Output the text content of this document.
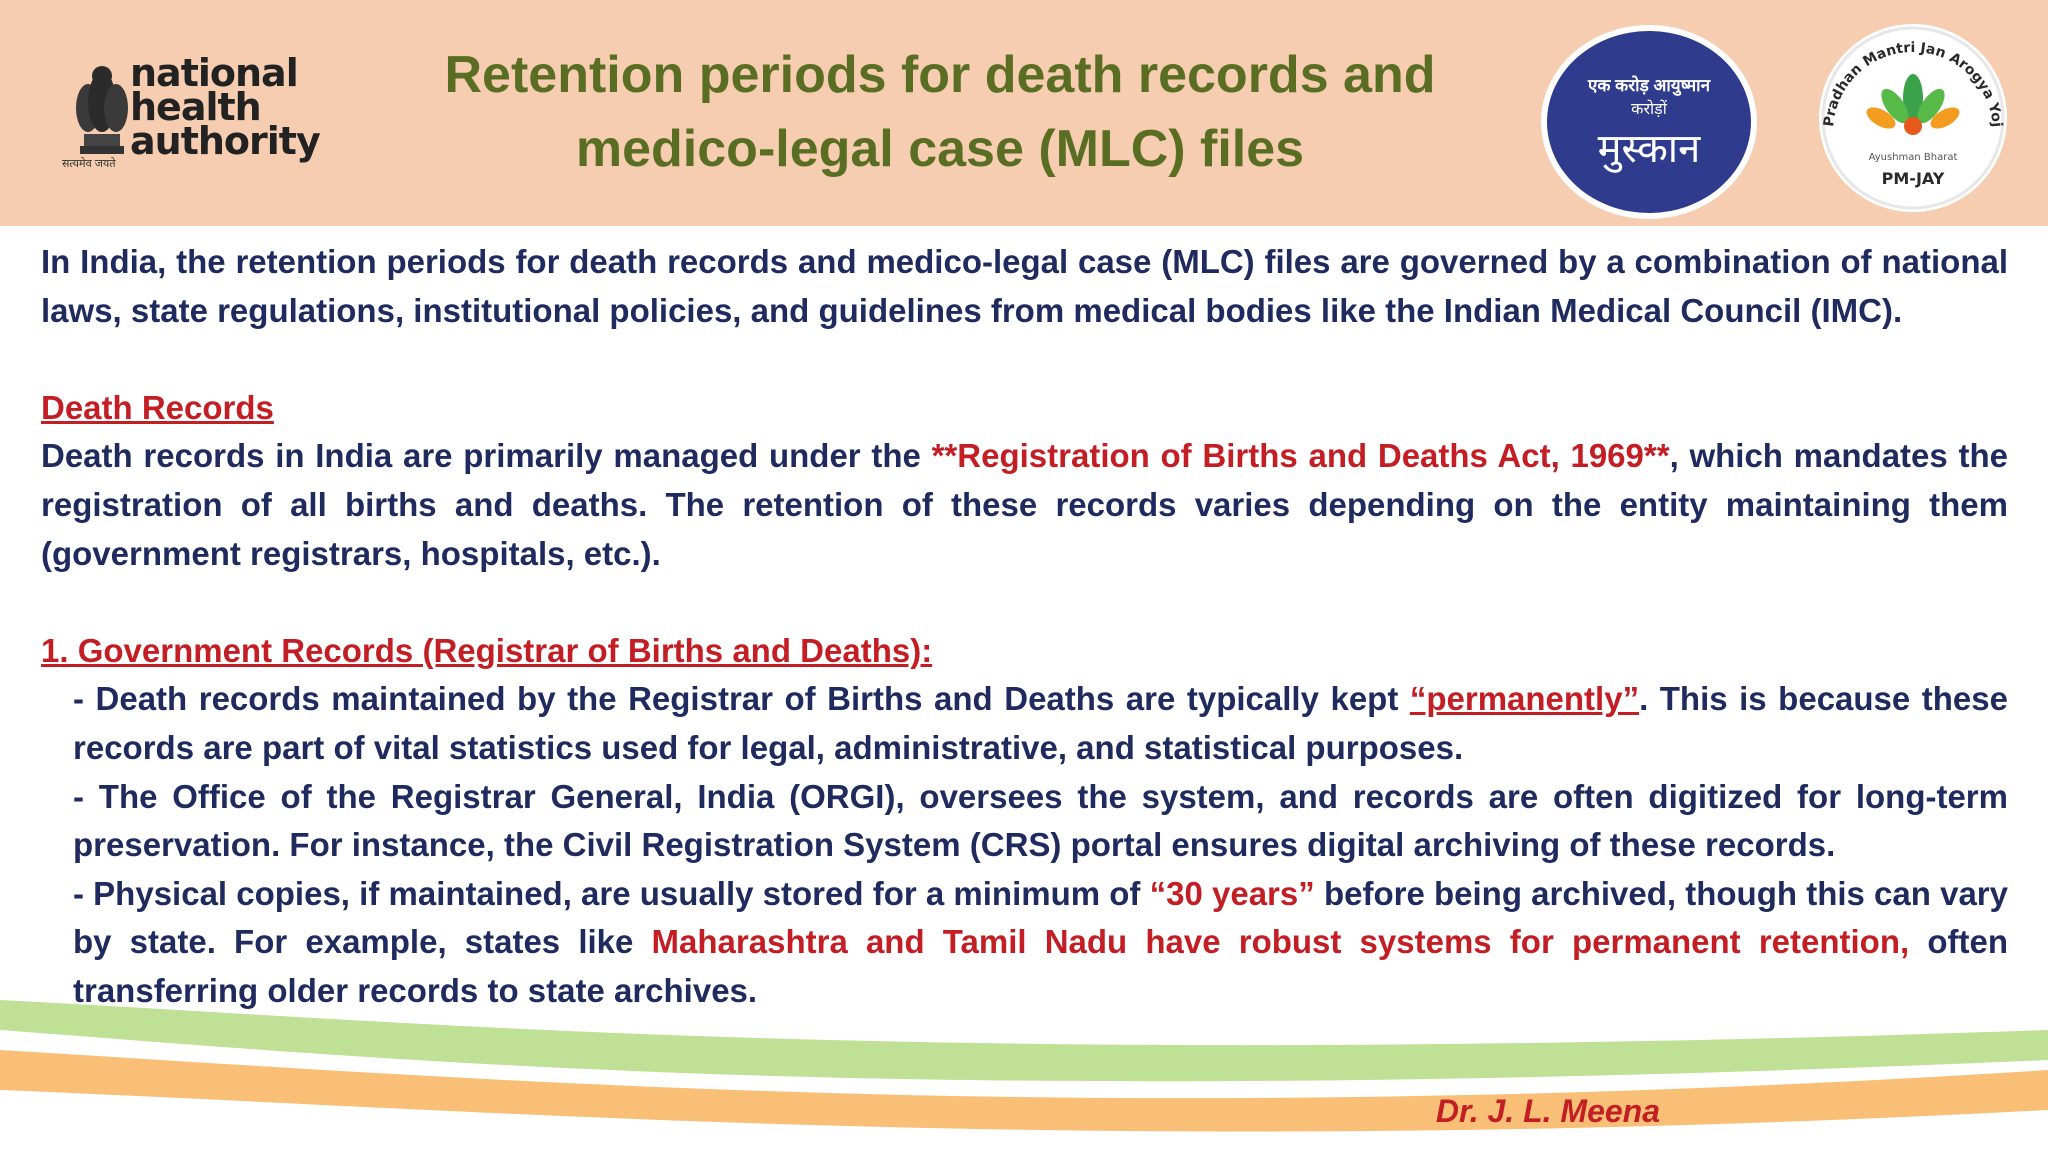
national
health
authority
सत्यमेव जयते
Retention periods for death records and
medico-legal case (MLC) files
एक करोड़ आयुष्मान
करोड़ों
मुस्कान
Pradhan Mantri Jan Arogya Yoj
Ayushman Bharat
PM-JAY

In India, the retention periods for death records and medico-legal case (MLC) files are governed by a combination of national laws, state regulations, institutional policies, and guidelines from medical bodies like the Indian Medical Council (IMC).

Death Records

Death records in India are primarily managed under the **Registration of Births and Deaths Act, 1969**, which mandates the registration of all births and deaths. The retention of these records varies depending on the entity maintaining them (government registrars, hospitals, etc.).

1. Government Records (Registrar of Births and Deaths):

- Death records maintained by the Registrar of Births and Deaths are typically kept “permanently”. This is because these records are part of vital statistics used for legal, administrative, and statistical purposes.

- The Office of the Registrar General, India (ORGI), oversees the system, and records are often digitized for long-term preservation. For instance, the Civil Registration System (CRS) portal ensures digital archiving of these records.

- Physical copies, if maintained, are usually stored for a minimum of “30 years” before being archived, though this can vary by state. For example, states like Maharashtra and Tamil Nadu have robust systems for permanent retention, often transferring older records to state archives.

Dr. J. L. Meena
